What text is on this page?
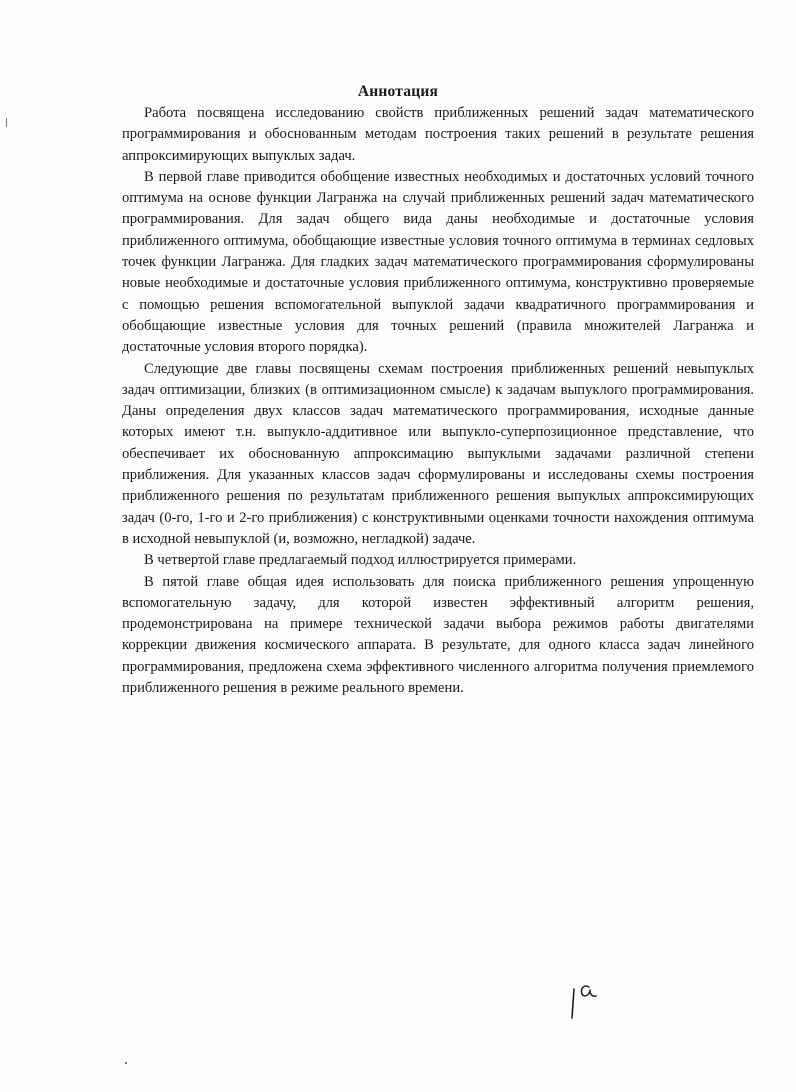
Аннотация

Работа посвящена исследованию свойств приближенных решений задач математического программирования и обоснованным методам построения таких решений в результате решения аппроксимирующих выпуклых задач.

В первой главе приводится обобщение известных необходимых и достаточных условий точного оптимума на основе функции Лагранжа на случай приближенных решений задач математического программирования. Для задач общего вида даны необходимые и достаточные условия приближенного оптимума, обобщающие известные условия точного оптимума в терминах седловых точек функции Лагранжа. Для гладких задач математического программирования сформулированы новые необходимые и достаточные условия приближенного оптимума, конструктивно проверяемые с помощью решения вспомогательной выпуклой задачи квадратичного программирования и обобщающие известные условия для точных решений (правила множителей Лагранжа и достаточные условия второго порядка).

Следующие две главы посвящены схемам построения приближенных решений невыпуклых задач оптимизации, близких (в оптимизационном смысле) к задачам выпуклого программирования. Даны определения двух классов задач математического программирования, исходные данные которых имеют т.н. выпукло-аддитивное или выпукло-суперпозиционное представление, что обеспечивает их обоснованную аппроксимацию выпуклыми задачами различной степени приближения. Для указанных классов задач сформулированы и исследованы схемы построения приближенного решения по результатам приближенного решения выпуклых аппроксимирующих задач (0-го, 1-го и 2-го приближения) с конструктивными оценками точности нахождения оптимума в исходной невыпуклой (и, возможно, негладкой) задаче.

В четвертой главе предлагаемый подход иллюстрируется примерами.

В пятой главе общая идея использовать для поиска приближенного решения упрощенную вспомогательную задачу, для которой известен эффективный алгоритм решения, продемонстрирована на примере технической задачи выбора режимов работы двигателями коррекции движения космического аппарата. В результате, для одного класса задач линейного программирования, предложена схема эффективного численного алгоритма получения приемлемого приближенного решения в режиме реального времени.
